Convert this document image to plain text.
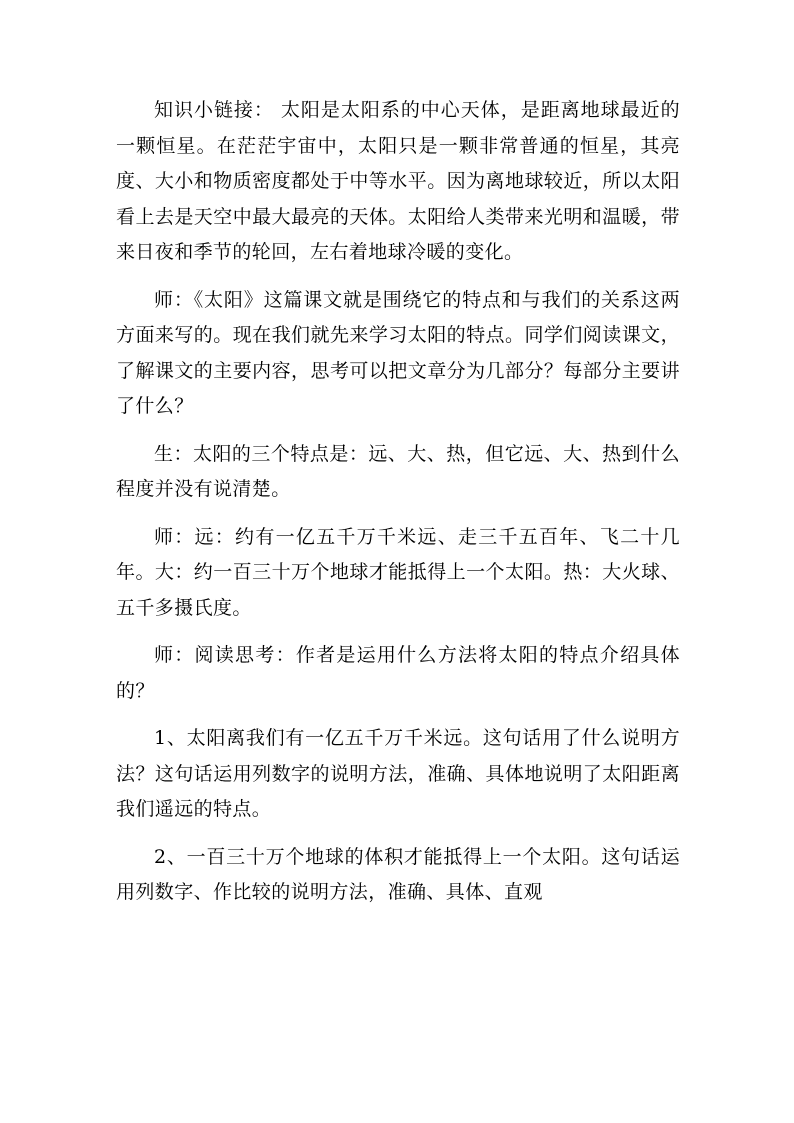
知识小链接： 太阳是太阳系的中心天体，是距离地球最近的一颗恒星。在茫茫宇宙中，太阳只是一颗非常普通的恒星，其亮度、大小和物质密度都处于中等水平。因为离地球较近，所以太阳看上去是天空中最大最亮的天体。太阳给人类带来光明和温暖，带来日夜和季节的轮回，左右着地球冷暖的变化。

师：《太阳》这篇课文就是围绕它的特点和与我们的关系这两方面来写的。现在我们就先来学习太阳的特点。同学们阅读课文，了解课文的主要内容，思考可以把文章分为几部分？每部分主要讲了什么？

生：太阳的三个特点是：远、大、热，但它远、大、热到什么程度并没有说清楚。

师：远：约有一亿五千万千米远、走三千五百年、飞二十几年。大：约一百三十万个地球才能抵得上一个太阳。热：大火球、五千多摄氏度。

师：阅读思考：作者是运用什么方法将太阳的特点介绍具体的？

1、太阳离我们有一亿五千万千米远。这句话用了什么说明方法？这句话运用列数字的说明方法，准确、具体地说明了太阳距离我们遥远的特点。

2、一百三十万个地球的体积才能抵得上一个太阳。这句话运用列数字、作比较的说明方法，准确、具体、直观
